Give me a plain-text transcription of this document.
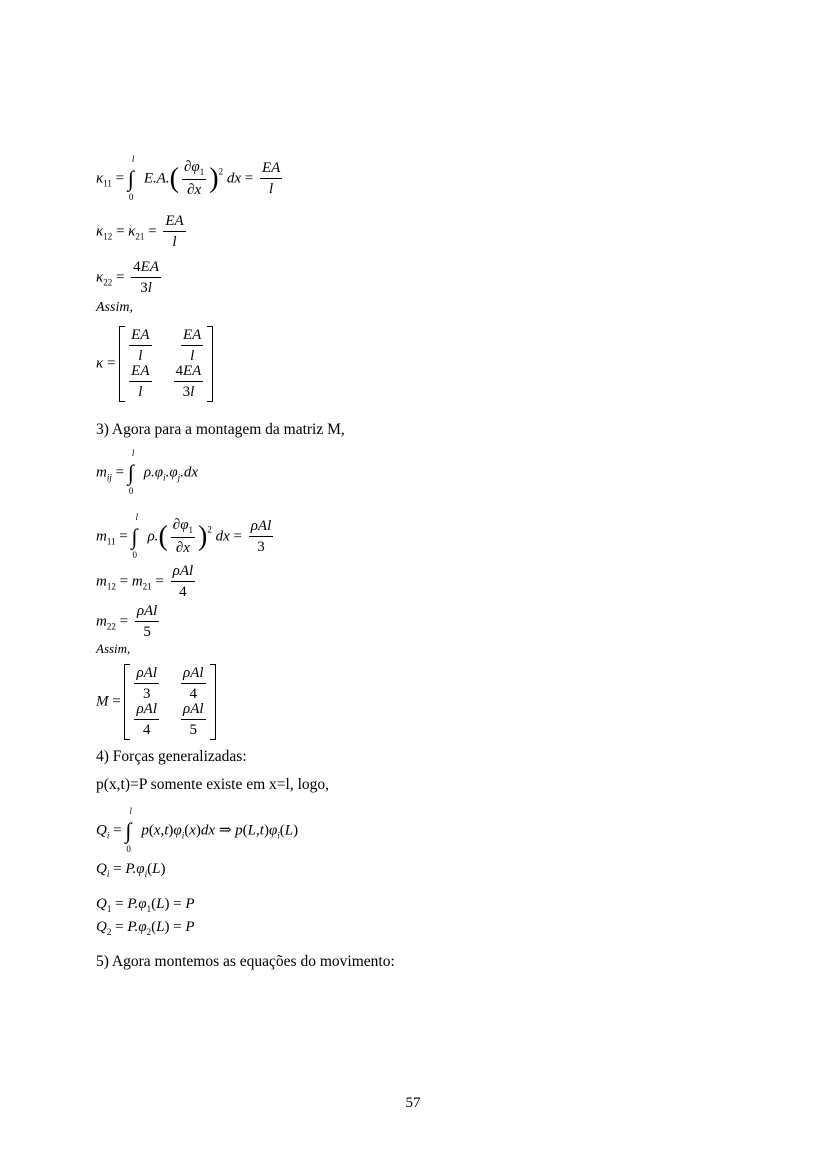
$\kappa_{11}$ =
l
∫
0
$E.A.( \frac{\partial\varphi_1}{\partial x} )^2$ dx = $\frac{EA}{l}$
$\kappa_{12} = \kappa_{21} = \frac{EA}{l}$
$\kappa_{22} = \frac{4EA}{3l}$
Assim,
$\kappa = \frac{EA}{l} \frac{EA}{l}$
$\frac{EA}{l} \frac{4EA}{3l}$
3) Agora para a montagem da matriz M,
$m_{ij}$ =
l
∫
0
$\rho.\varphi_i.\varphi_j.dx$
$m_{11}$ =
l
∫
0
$\rho.( \frac{\partial\varphi_1}{\partial x} )^2$ dx = $\frac{\text{ρAl}}{3}$
$m_{12} = m_{21} = \frac{\text{ρAl}}{4}$
$m_{22} = \frac{\text{ρAl}}{5}$
Assim,
$M = \frac{\text{ρAl}}{3} \frac{\text{ρAl}}{4}$
$\frac{\text{ρAl}}{4} \frac{\text{ρAl}}{5}$
4) Forças generalizadas:
p(x,t)=P somente existe em x=l, logo,
$Q_i$ =
l
∫
0
$p(x,t)\varphi_i(x)dx$ ⇒ $p(L,t)\varphi_i(L)$
$Q_i = P.\varphi_i(L)$
$Q_1 = P.\varphi_1(L) = P$
$Q_2 = P.\varphi_2(L) = P$
5) Agora montemos as equações do movimento:
57
